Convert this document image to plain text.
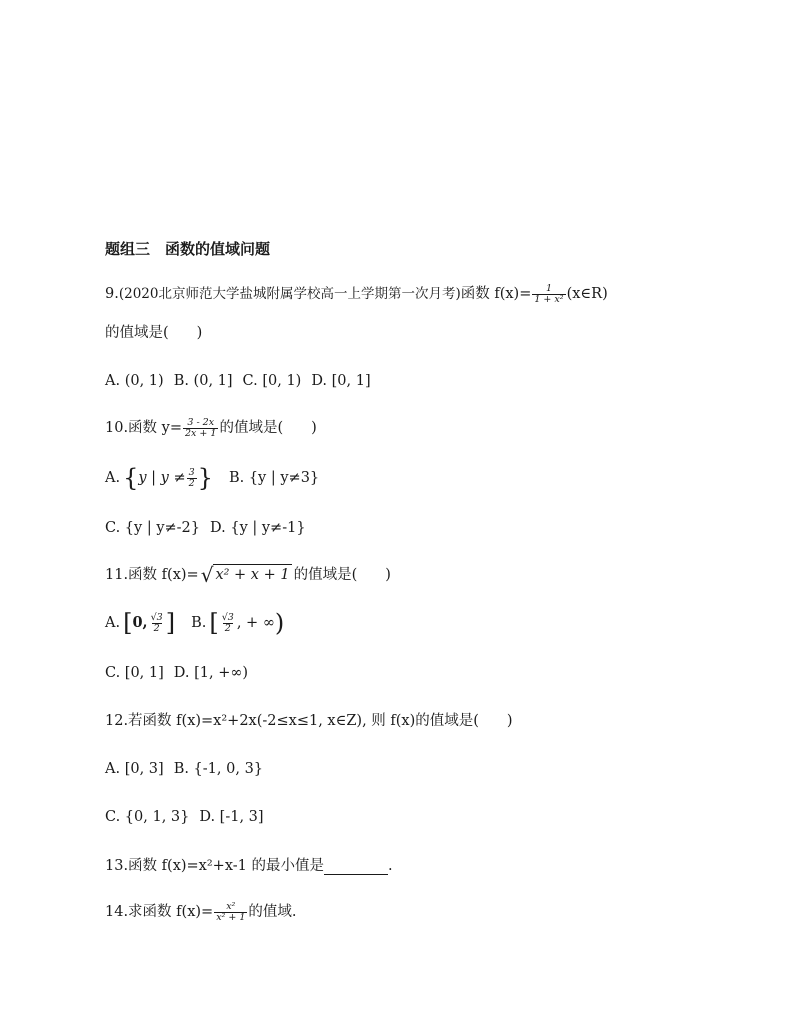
题组三　函数的值域问题
9. (2020北京师范大学盐城附属学校高一上学期第一次月考) 函数 $f(x)= \frac{1}{\text{1 + x²}}$ (x∈R)
的值域是( )
A. (0, 1) B. (0, 1] C. [0, 1) D. [0, 1]
10.函数 $y= \frac{3 - 2x}{2x + 1}$ 的值域是( )
A. { y | $y \ne \frac{3}{2}$ } B. {y | y≠3}
C. {y | y≠-2} D. {y | y≠-1}
11.函数 f(x)= √ x² + x + 1 的值域是( )
A. [ 0, $\frac{√3}{2}$ ] B. [ $\frac{√3}{2}$ , + ∞ )
C. [0, 1] D. [1, +∞)
12.若函数 f(x)=x²+2x(-2≤x≤1, x∈Z), 则 f(x)的值域是( )
A. [0, 3] B. {-1, 0, 3}
C. {0, 1, 3} D. [-1, 3]
13.函数 f(x)=x²+x-1 的最小值是	.
14.求函数 $f(x)= \frac{\text{x²}}{\text{x² + 1}}$ 的值域.
